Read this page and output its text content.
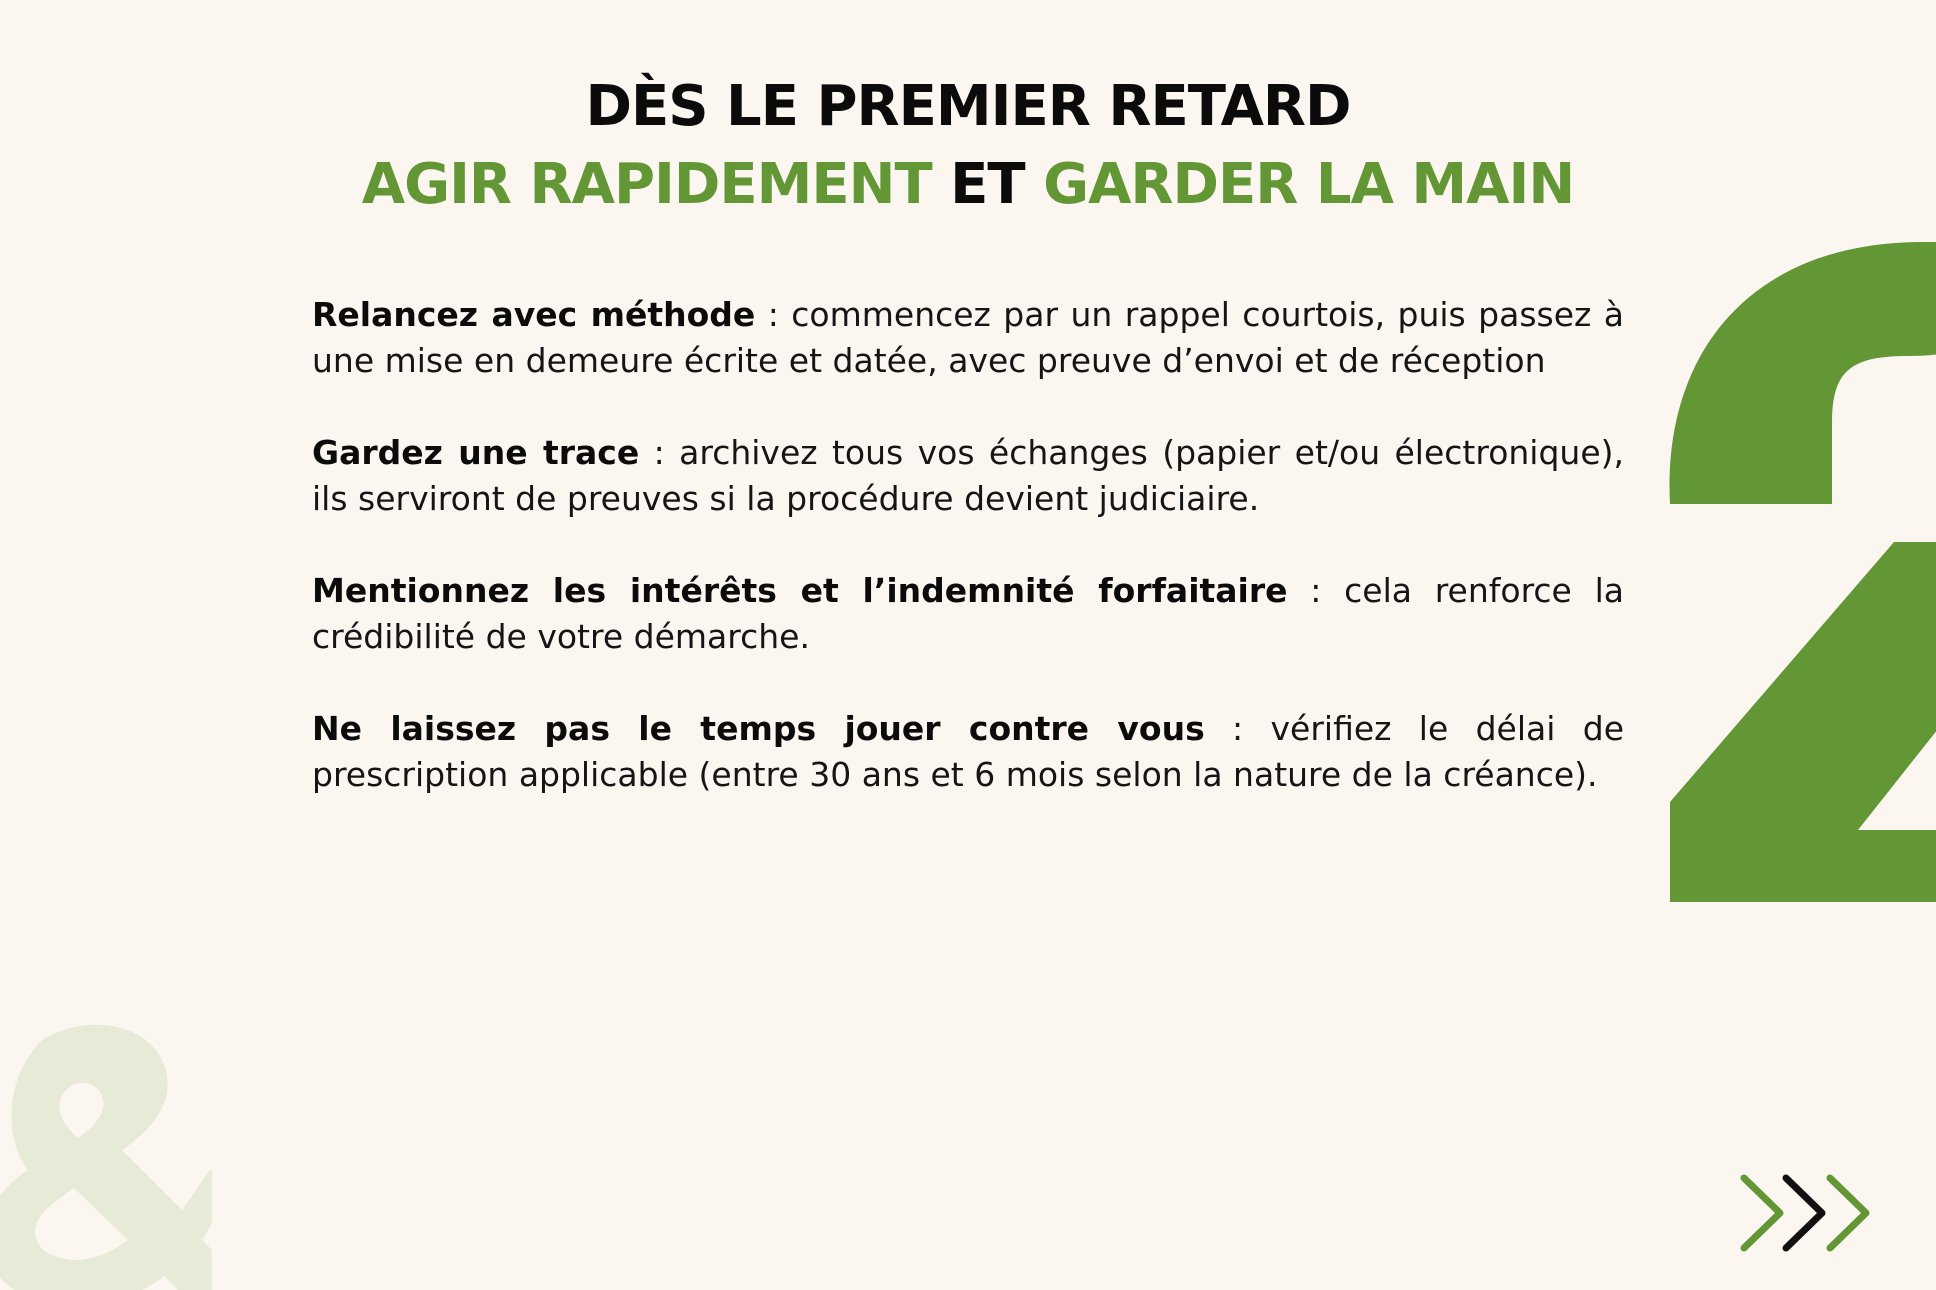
DÈS LE PREMIER RETARD
AGIR RAPIDEMENT ET GARDER LA MAIN

Relancez avec méthode : commencez par un rappel courtois, puis passez à une mise en demeure écrite et datée, avec preuve d’envoi et de réception

Gardez une trace : archivez tous vos échanges (papier et/ou électronique), ils serviront de preuves si la procédure devient judiciaire.

Mentionnez les intérêts et l’indemnité forfaitaire : cela renforce la crédibilité de votre démarche.

Ne laissez pas le temps jouer contre vous : vérifiez le délai de prescription applicable (entre 30 ans et 6 mois selon la nature de la créance).
